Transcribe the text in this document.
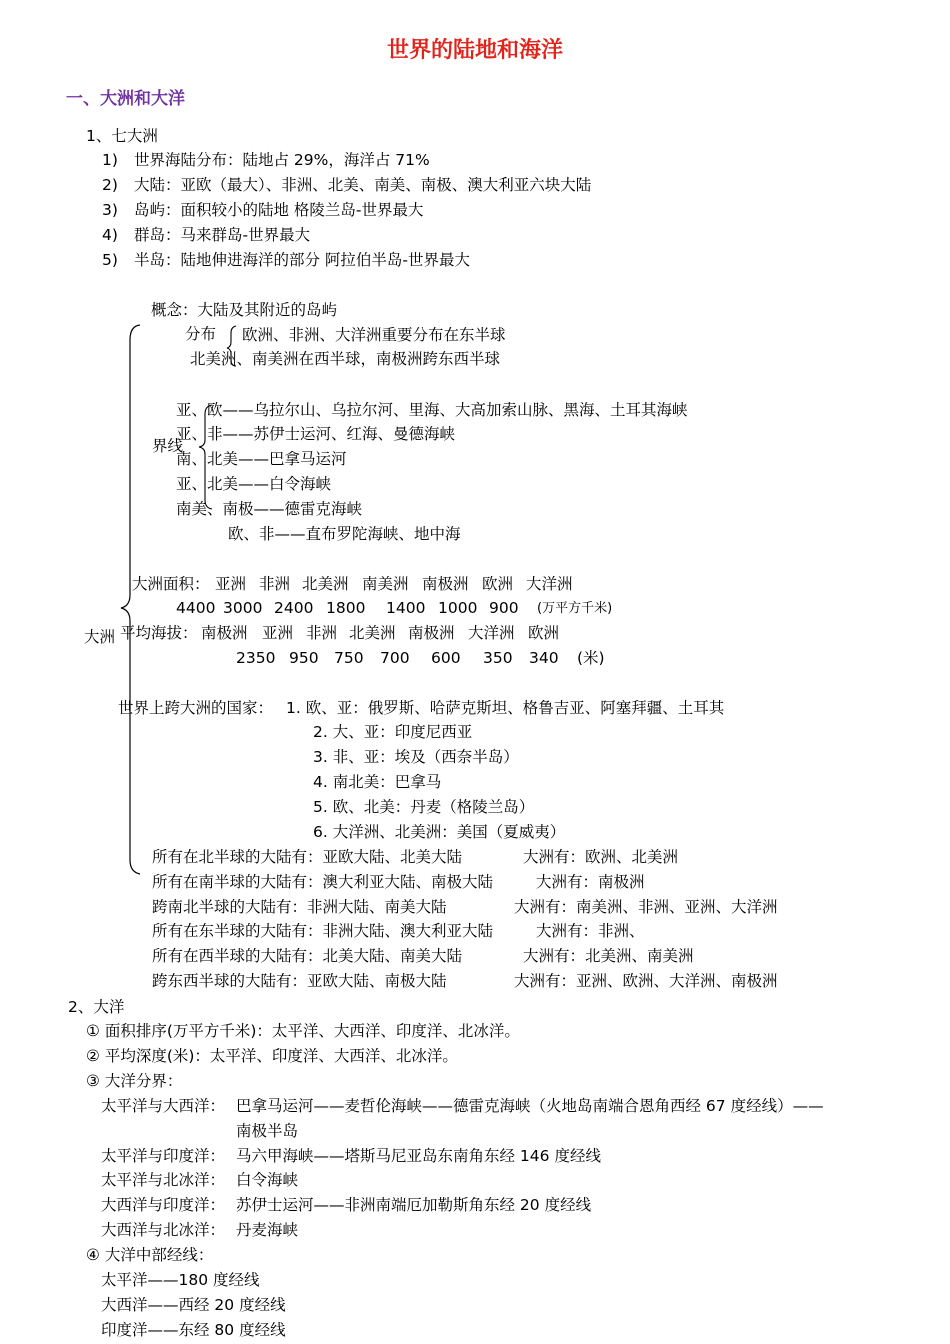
世界的陆地和海洋
一、大洲和大洋
1、七大洲
1) 世界海陆分布：陆地占 29%，海洋占 71%
2) 大陆：亚欧（最大）、非洲、北美、南美、南极、澳大利亚六块大陆
3) 岛屿：面积较小的陆地 格陵兰岛-世界最大
4) 群岛：马来群岛-世界最大
5) 半岛：陆地伸进海洋的部分 阿拉伯半岛-世界最大
大洲
概念：大陆及其附近的岛屿
分布 欧洲、非洲、大洋洲重要分布在东半球
北美洲、南美洲在西半球，南极洲跨东西半球
界线
亚、欧——乌拉尔山、乌拉尔河、里海、大高加索山脉、黑海、土耳其海峡
亚、非——苏伊士运河、红海、曼德海峡
南、北美——巴拿马运河
亚、北美——白令海峡
南美、南极——德雷克海峡
欧、非——直布罗陀海峡、地中海
大洲面积： 亚洲 非洲 北美洲 南美洲 南极洲 欧洲 大洋洲
4400 3000 2400 1800 1400 1000 900 (万平方千米)
平均海拔： 南极洲 亚洲 非洲 北美洲 南极洲 大洋洲 欧洲
2350 950 750 700 600 350 340 (米)
世界上跨大洲的国家： 1. 欧、亚：俄罗斯、哈萨克斯坦、格鲁吉亚、阿塞拜疆、土耳其
2. 大、亚：印度尼西亚
3. 非、亚：埃及（西奈半岛）
4. 南北美：巴拿马
5. 欧、北美：丹麦（格陵兰岛）
6. 大洋洲、北美洲：美国（夏威夷）
所有在北半球的大陆有：亚欧大陆、北美大陆	大洲有：欧洲、北美洲
所有在南半球的大陆有：澳大利亚大陆、南极大陆	大洲有：南极洲
跨南北半球的大陆有：非洲大陆、南美大陆	大洲有：南美洲、非洲、亚洲、大洋洲
所有在东半球的大陆有：非洲大陆、澳大利亚大陆	大洲有：非洲、
所有在西半球的大陆有：北美大陆、南美大陆	大洲有：北美洲、南美洲
跨东西半球的大陆有：亚欧大陆、南极大陆	大洲有：亚洲、欧洲、大洋洲、南极洲
2、大洋
① 面积排序(万平方千米)：太平洋、大西洋、印度洋、北冰洋。
② 平均深度(米)：太平洋、印度洋、大西洋、北冰洋。
③ 大洋分界：
太平洋与大西洋： 巴拿马运河——麦哲伦海峡——德雷克海峡（火地岛南端合恩角西经 67 度经线）——
南极半岛
太平洋与印度洋： 马六甲海峡——塔斯马尼亚岛东南角东经 146 度经线
太平洋与北冰洋： 白令海峡
大西洋与印度洋： 苏伊士运河——非洲南端厄加勒斯角东经 20 度经线
大西洋与北冰洋： 丹麦海峡
④ 大洋中部经线：
太平洋——180 度经线
大西洋——西经 20 度经线
印度洋——东经 80 度经线
